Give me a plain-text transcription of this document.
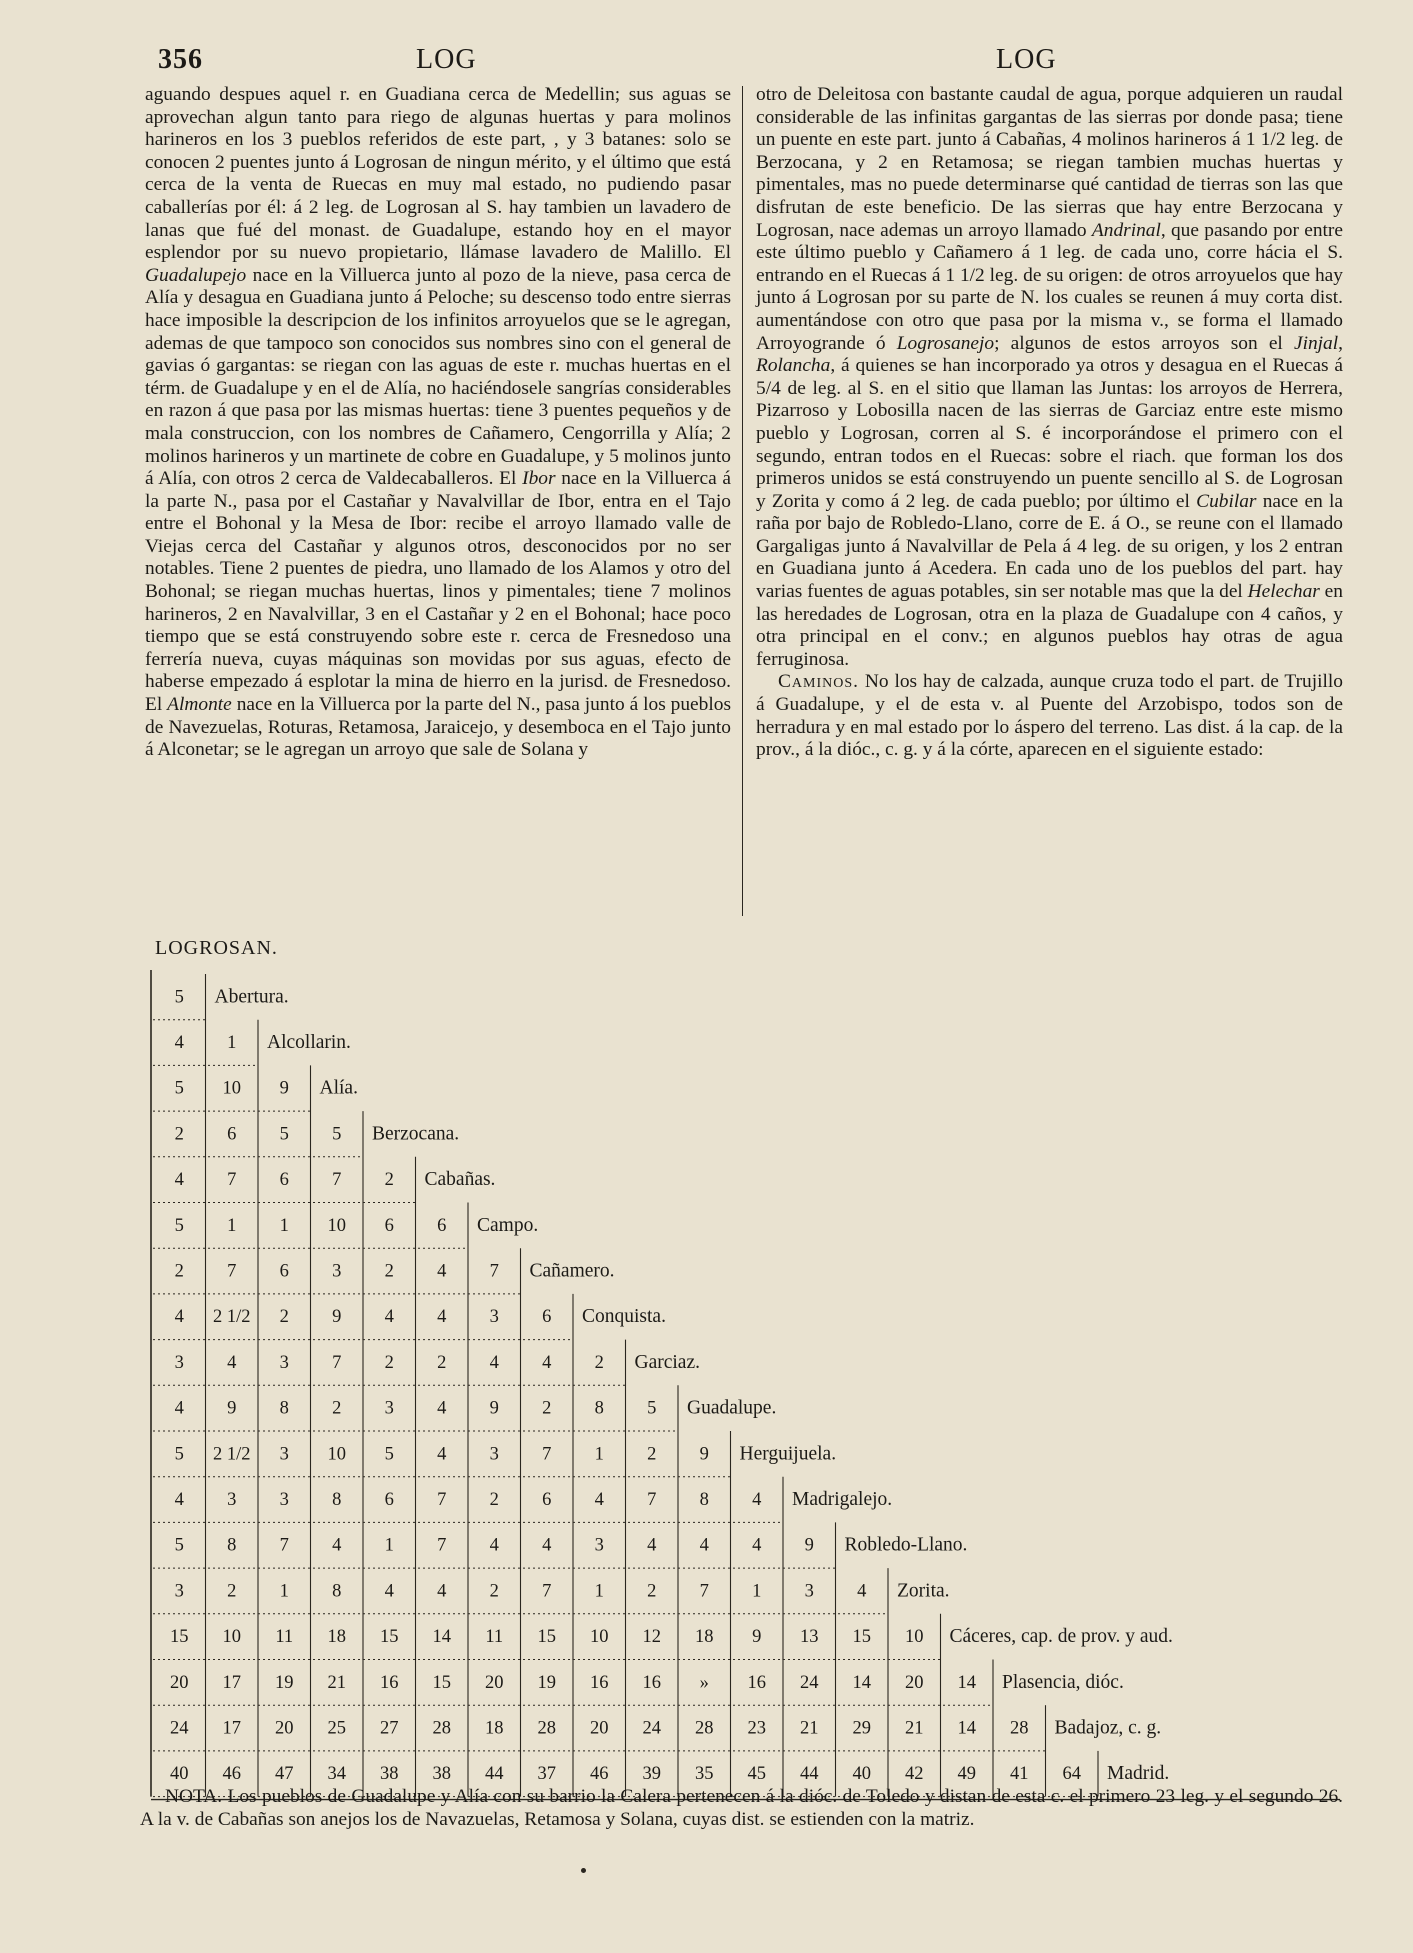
356	LOG	LOG

aguando despues aquel r. en Guadiana cerca de Medellin; sus aguas se aprovechan algun tanto para riego de algunas huertas y para molinos harineros en los 3 pueblos referidos de este part, , y 3 batanes: solo se conocen 2 puentes junto á Logrosan de ningun mérito, y el último que está cerca de la venta de Ruecas en muy mal estado, no pudiendo pasar caballerías por él: á 2 leg. de Logrosan al S. hay tambien un lavadero de lanas que fué del monast. de Guadalupe, estando hoy en el mayor esplendor por su nuevo propietario, llámase lavadero de Malillo. El Guadalupejo nace en la Villuerca junto al pozo de la nieve, pasa cerca de Alía y desagua en Guadiana junto á Peloche; su descenso todo entre sierras hace imposible la descripcion de los infinitos arroyuelos que se le agregan, ademas de que tampoco son conocidos sus nombres sino con el general de gavias ó gargantas: se riegan con las aguas de este r. muchas huertas en el térm. de Guadalupe y en el de Alía, no haciéndosele sangrías considerables en razon á que pasa por las mismas huertas: tiene 3 puentes pequeños y de mala construccion, con los nombres de Cañamero, Cengorrilla y Alía; 2 molinos harineros y un martinete de cobre en Guadalupe, y 5 molinos junto á Alía, con otros 2 cerca de Valdecaballeros. El Ibor nace en la Villuerca á la parte N., pasa por el Castañar y Navalvillar de Ibor, entra en el Tajo entre el Bohonal y la Mesa de Ibor: recibe el arroyo llamado valle de Viejas cerca del Castañar y algunos otros, desconocidos por no ser notables. Tiene 2 puentes de piedra, uno llamado de los Alamos y otro del Bohonal; se riegan muchas huertas, linos y pimentales; tiene 7 molinos harineros, 2 en Navalvillar, 3 en el Castañar y 2 en el Bohonal; hace poco tiempo que se está construyendo sobre este r. cerca de Fresnedoso una ferrería nueva, cuyas máquinas son movidas por sus aguas, efecto de haberse empezado á esplotar la mina de hierro en la jurisd. de Fresnedoso. El Almonte nace en la Villuerca por la parte del N., pasa junto á los pueblos de Navezuelas, Roturas, Retamosa, Jaraicejo, y desemboca en el Tajo junto á Alconetar; se le agregan un arroyo que sale de Solana y

otro de Deleitosa con bastante caudal de agua, porque adquieren un raudal considerable de las infinitas gargantas de las sierras por donde pasa; tiene un puente en este part. junto á Cabañas, 4 molinos harineros á 1 1/2 leg. de Berzocana, y 2 en Retamosa; se riegan tambien muchas huertas y pimentales, mas no puede determinarse qué cantidad de tierras son las que disfrutan de este beneficio. De las sierras que hay entre Berzocana y Logrosan, nace ademas un arroyo llamado Andrinal, que pasando por entre este último pueblo y Cañamero á 1 leg. de cada uno, corre hácia el S. entrando en el Ruecas á 1 1/2 leg. de su origen: de otros arroyuelos que hay junto á Logrosan por su parte de N. los cuales se reunen á muy corta dist. aumentándose con otro que pasa por la misma v., se forma el llamado Arroyogrande ó Logrosanejo; algunos de estos arroyos son el Jinjal, Rolancha, á quienes se han incorporado ya otros y desagua en el Ruecas á 5/4 de leg. al S. en el sitio que llaman las Juntas: los arroyos de Herrera, Pizarroso y Lobosilla nacen de las sierras de Garciaz entre este mismo pueblo y Logrosan, corren al S. é incorporándose el primero con el segundo, entran todos en el Ruecas: sobre el riach. que forman los dos primeros unidos se está construyendo un puente sencillo al S. de Logrosan y Zorita y como á 2 leg. de cada pueblo; por último el Cubilar nace en la raña por bajo de Robledo-Llano, corre de E. á O., se reune con el llamado Gargaligas junto á Navalvillar de Pela á 4 leg. de su origen, y los 2 entran en Guadiana junto á Acedera. En cada uno de los pueblos del part. hay varias fuentes de aguas potables, sin ser notable mas que la del Helechar en las heredades de Logrosan, otra en la plaza de Guadalupe con 4 caños, y otra principal en el conv.; en algunos pueblos hay otras de agua ferruginosa.

Caminos. No los hay de calzada, aunque cruza todo el part. de Trujillo á Guadalupe, y el de esta v. al Puente del Arzobispo, todos son de herradura y en mal estado por lo áspero del terreno. Las dist. á la cap. de la prov., á la dióc., c. g. y á la córte, aparecen en el siguiente estado:

LOGROSAN.
5 Abertura.
4 1 Alcollarin.
5 10 9 Alía.
2 6 5 5 Berzocana.
4 7 6 7 2 Cabañas.
5 1 1 10 6 6 Campo.
2 7 6 3 2 4 7 Cañamero.
4 2 1/2 2 9 4 4 3 6 Conquista.
3 4 3 7 2 2 4 4 2 Garciaz.
4 9 8 2 3 4 9 2 8 5 Guadalupe.
5 2 1/2 3 10 5 4 3 7 1 2 9 Herguijuela.
4 3 3 8 6 7 2 6 4 7 8 4 Madrigalejo.
5 8 7 4 1 7 4 4 3 4 4 4 9 Robledo-Llano.
3 2 1 8 4 4 2 7 1 2 7 1 3 4 Zorita.
15 10 11 18 15 14 11 15 10 12 18 9 13 15 10 Cáceres, cap. de prov. y aud.
20 17 19 21 16 15 20 19 16 16 » 16 24 14 20 14 Plasencia, dióc.
24 17 20 25 27 28 18 28 20 24 28 23 21 29 21 14 28 Badajoz, c. g.
40 46 47 34 38 38 44 37 46 39 35 45 44 40 42 49 41 64 Madrid.

NOTA. Los pueblos de Guadalupe y Alía con su barrio la Calera pertenecen á la dióc. de Toledo y distan de esta c. el primero 23 leg. y el segundo 26. A la v. de Cabañas son anejos los de Navazuelas, Retamosa y Solana, cuyas dist. se estienden con la matriz.
